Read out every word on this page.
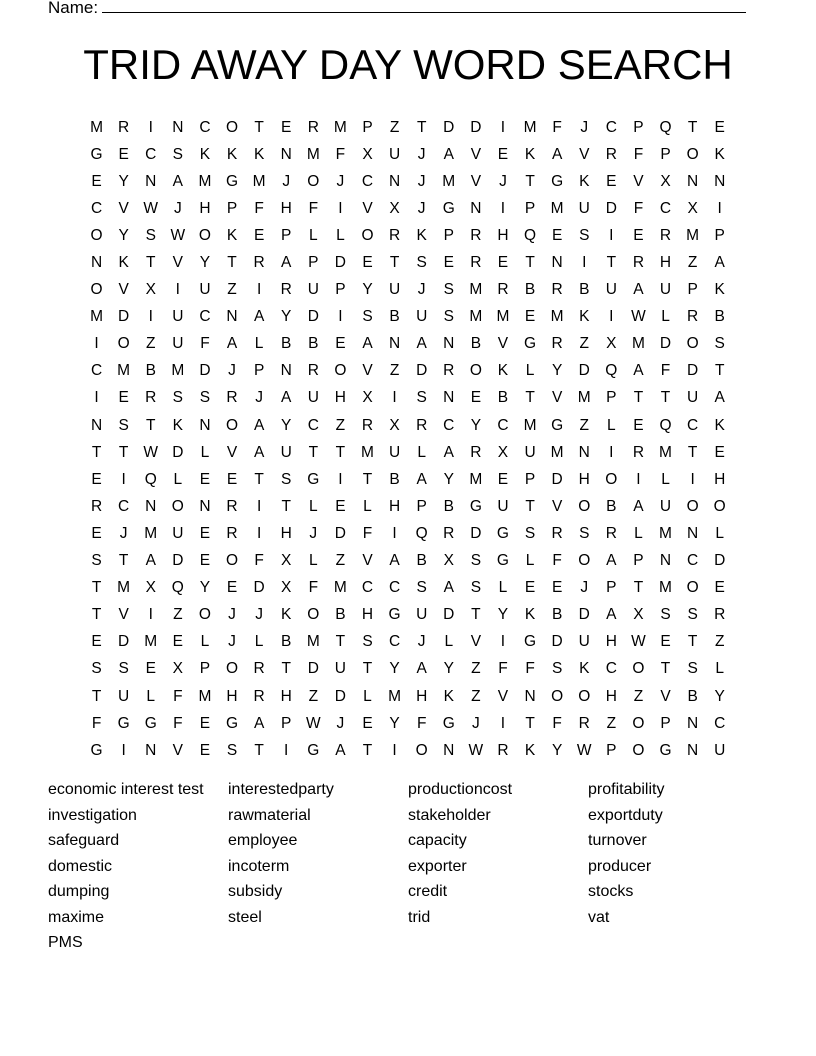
Name:
TRID AWAY DAY WORD SEARCH
M R	I	N	C O	T	E	R M P	Z	T	D	D	I	M	F	J	C	P	Q	T	E
G	E	C	S	K	K	K	N M	F	X	U	J	A	V	E	K	A	V	R	F	P	O	K
E	Y	N	A M G M	J	O	J	C	N	J	M V	J	T	G	K	E	V	X	N	N
C	V W	J	H	P	F	H	F	I	V	X	J	G N	I	P M U	D	F	C	X	I
O	Y	S W O	K	E	P	L	L	O R	K	P	R	H Q	E	S	I	E	R M P
N	K	T	V	Y	T	R	A	P	D	E	T	S	E	R	E	T	N	I	T	R	H	Z	A
O	V	X	I	U	Z	I	R	U	P	Y	U	J	S M R	B	R	B	U	A	U	P	K
M D	I	U	C	N	A	Y	D	I	S	B	U	S M M E M K	I	W L	R	B
I	O	Z	U	F	A	L	B	B	E	A	N	A	N	B	V	G R	Z	X M D O	S
C M B M D	J	P	N	R O	V	Z	D	R O	K	L	Y	D Q	A	F	D	T
I	E	R	S	S	R	J	A	U	H	X	I	S	N	E	B	T	V M P	T	T	U	A
N	S	T	K	N O	A	Y	C	Z	R	X	R	C	Y	C M G	Z	L	E	Q C	K
T	T W D	L	V	A	U	T	T	M U	L	A	R	X	U M N	I	R M	T	E
E	I	Q	L	E	E	T	S	G	I	T	B	A	Y M E	P	D	H O	I	L	I	H
R	C	N O N	R	I	T	L	E	L	H	P	B	G U	T	V	O	B	A	U O O
E	J	M U	E	R	I	H	J	D	F	I	Q R	D G	S	R	S	R	L	M N	L
S	T	A	D	E	O	F	X	L	Z	V	A	B	X	S	G	L	F	O	A	P	N	C	D
T	M X	Q	Y	E	D	X	F	M C	C	S	A	S	L	E	E	J	P	T	M O	E
T	V	I	Z	O	J	J	K	O	B	H G U	D	T	Y	K	B	D	A	X	S	S	R
E	D M E	L	J	L	B M	T	S	C	J	L	V	I	G D	U	H W E	T	Z
S	S	E	X	P	O R	T	D	U	T	Y	A	Y	Z	F	F	S	K	C O	T	S	L
T	U	L	F	M H	R	H	Z	D	L	M H	K	Z	V	N O O H	Z	V	B	Y
F	G G	F	E	G	A	P W	J	E	Y	F	G	J	I	T	F	R	Z	O	P	N	C
G	I	N	V	E	S	T	I	G	A	T	I	O N W R	K	Y W P	O G N	U
economic interest test	interestedparty	productioncost	profitability
investigation	rawmaterial	stakeholder	exportduty
safeguard	employee	capacity	turnover
domestic	incoterm	exporter	producer
dumping	subsidy	credit	stocks
maxime	steel	trid	vat
PMS
